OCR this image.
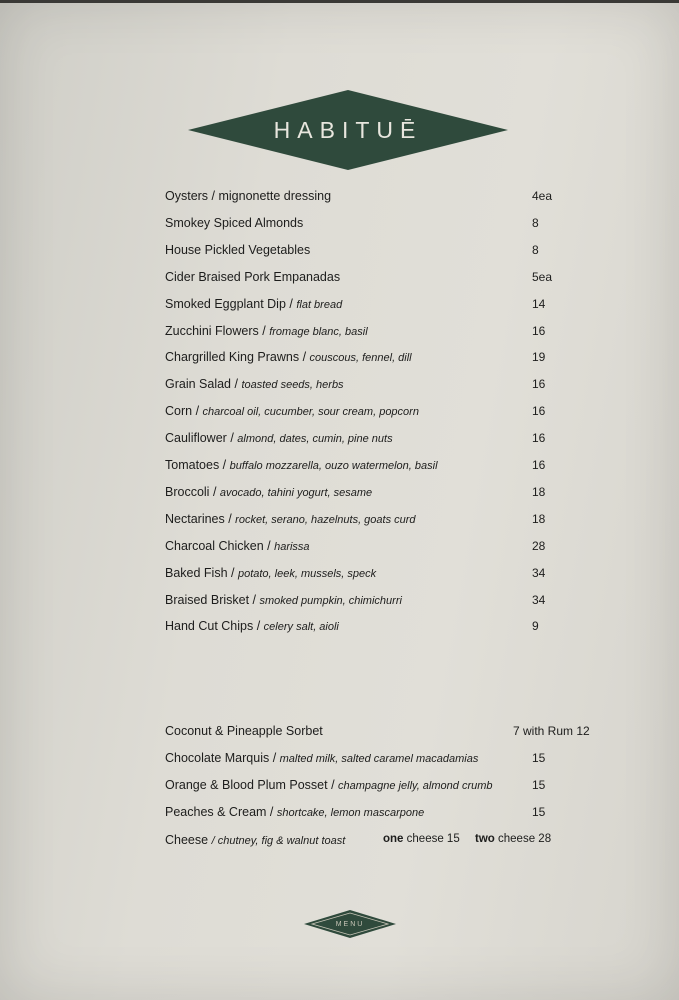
HABITUĒ
Oysters / mignonette dressing	4ea
Smokey Spiced Almonds	8
House Pickled Vegetables	8
Cider Braised Pork Empanadas	5ea
Smoked Eggplant Dip / flat bread	14
Zucchini Flowers / fromage blanc, basil	16
Chargrilled King Prawns / couscous, fennel, dill	19
Grain Salad / toasted seeds, herbs	16
Corn / charcoal oil, cucumber, sour cream, popcorn	16
Cauliflower / almond, dates, cumin, pine nuts	16
Tomatoes / buffalo mozzarella, ouzo watermelon, basil	16
Broccoli / avocado, tahini yogurt, sesame	18
Nectarines / rocket, serano, hazelnuts, goats curd	18
Charcoal Chicken / harissa	28
Baked Fish / potato, leek, mussels, speck	34
Braised Brisket / smoked pumpkin, chimichurri	34
Hand Cut Chips / celery salt, aioli	9
Coconut & Pineapple Sorbet	7 with Rum 12
Chocolate Marquis / malted milk, salted caramel macadamias	15
Orange & Blood Plum Posset / champagne jelly, almond crumb	15
Peaches & Cream / shortcake, lemon mascarpone	15
Cheese / chutney, fig & walnut toast	one cheese 15 two cheese 28
MENU
